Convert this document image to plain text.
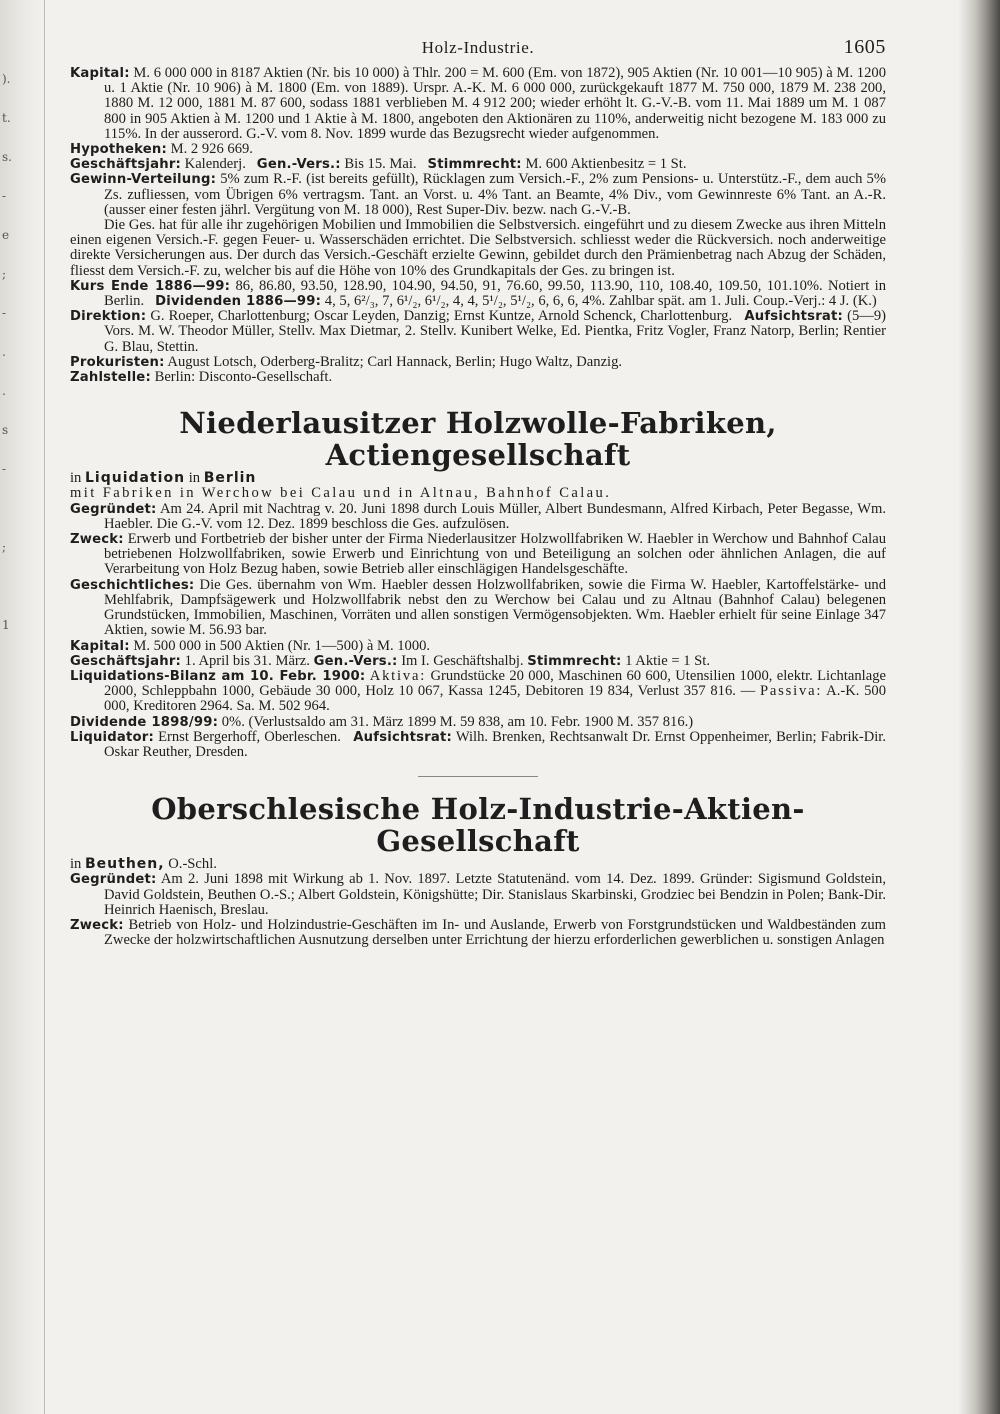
).
t.
s.
-
e
;
-
.
.
s
-

;

1

Holz-Industrie.	1605

Kapital: M. 6 000 000 in 8187 Aktien (Nr. bis 10 000) à Thlr. 200 = M. 600 (Em. von 1872), 905 Aktien (Nr. 10 001—10 905) à M. 1200 u. 1 Aktie (Nr. 10 906) à M. 1800 (Em. von 1889). Urspr. A.-K. M. 6 000 000, zurückgekauft 1877 M. 750 000, 1879 M. 238 200, 1880 M. 12 000, 1881 M. 87 600, sodass 1881 verblieben M. 4 912 200; wieder erhöht lt. G.-V.-B. vom 11. Mai 1889 um M. 1 087 800 in 905 Aktien à M. 1200 und 1 Aktie à M. 1800, angeboten den Aktionären zu 110%, anderweitig nicht bezogene M. 183 000 zu 115%. In der ausserord. G.-V. vom 8. Nov. 1899 wurde das Bezugsrecht wieder aufgenommen.

Hypotheken: M. 2 926 669.

Geschäftsjahr: Kalenderj. Gen.-Vers.: Bis 15. Mai. Stimmrecht: M. 600 Aktienbesitz = 1 St.

Gewinn-Verteilung: 5% zum R.-F. (ist bereits gefüllt), Rücklagen zum Versich.-F., 2% zum Pensions- u. Unterstütz.-F., dem auch 5% Zs. zufliessen, vom Übrigen 6% vertragsm. Tant. an Vorst. u. 4% Tant. an Beamte, 4% Div., vom Gewinnreste 6% Tant. an A.-R. (ausser einer festen jährl. Vergütung von M. 18 000), Rest Super-Div. bezw. nach G.-V.-B.

Die Ges. hat für alle ihr zugehörigen Mobilien und Immobilien die Selbstversich. eingeführt und zu diesem Zwecke aus ihren Mitteln einen eigenen Versich.-F. gegen Feuer- u. Wasserschäden errichtet. Die Selbstversich. schliesst weder die Rückversich. noch anderweitige direkte Versicherungen aus. Der durch das Versich.-Geschäft erzielte Gewinn, gebildet durch den Prämienbetrag nach Abzug der Schäden, fliesst dem Versich.-F. zu, welcher bis auf die Höhe von 10% des Grundkapitals der Ges. zu bringen ist.

Kurs Ende 1886—99: 86, 86.80, 93.50, 128.90, 104.90, 94.50, 91, 76.60, 99.50, 113.90, 110, 108.40, 109.50, 101.10%. Notiert in Berlin. Dividenden 1886—99: 4, 5, 6²/₃, 7, 6¹/₂, 6¹/₂, 4, 4, 5¹/₂, 5¹/₂, 6, 6, 6, 4%. Zahlbar spät. am 1. Juli. Coup.-Verj.: 4 J. (K.)

Direktion: G. Roeper, Charlottenburg; Oscar Leyden, Danzig; Ernst Kuntze, Arnold Schenck, Charlottenburg. Aufsichtsrat: (5—9) Vors. M. W. Theodor Müller, Stellv. Max Dietmar, 2. Stellv. Kunibert Welke, Ed. Pientka, Fritz Vogler, Franz Natorp, Berlin; Rentier G. Blau, Stettin.

Prokuristen: August Lotsch, Oderberg-Bralitz; Carl Hannack, Berlin; Hugo Waltz, Danzig.

Zahlstelle: Berlin: Disconto-Gesellschaft.

Niederlausitzer Holzwolle-Fabriken, Actiengesellschaft

in Liquidation in Berlin

mit Fabriken in Werchow bei Calau und in Altnau, Bahnhof Calau.

Gegründet: Am 24. April mit Nachtrag v. 20. Juni 1898 durch Louis Müller, Albert Bundesmann, Alfred Kirbach, Peter Begasse, Wm. Haebler. Die G.-V. vom 12. Dez. 1899 beschloss die Ges. aufzulösen.

Zweck: Erwerb und Fortbetrieb der bisher unter der Firma Niederlausitzer Holzwollfabriken W. Haebler in Werchow und Bahnhof Calau betriebenen Holzwollfabriken, sowie Erwerb und Einrichtung von und Beteiligung an solchen oder ähnlichen Anlagen, die auf Verarbeitung von Holz Bezug haben, sowie Betrieb aller einschlägigen Handelsgeschäfte.

Geschichtliches: Die Ges. übernahm von Wm. Haebler dessen Holzwollfabriken, sowie die Firma W. Haebler, Kartoffelstärke- und Mehlfabrik, Dampfsägewerk und Holzwollfabrik nebst den zu Werchow bei Calau und zu Altnau (Bahnhof Calau) belegenen Grundstücken, Immobilien, Maschinen, Vorräten und allen sonstigen Vermögensobjekten. Wm. Haebler erhielt für seine Einlage 347 Aktien, sowie M. 56.93 bar.

Kapital: M. 500 000 in 500 Aktien (Nr. 1—500) à M. 1000.

Geschäftsjahr: 1. April bis 31. März. Gen.-Vers.: Im I. Geschäftshalbj. Stimmrecht: 1 Aktie = 1 St.

Liquidations-Bilanz am 10. Febr. 1900: Aktiva: Grundstücke 20 000, Maschinen 60 600, Utensilien 1000, elektr. Lichtanlage 2000, Schleppbahn 1000, Gebäude 30 000, Holz 10 067, Kassa 1245, Debitoren 19 834, Verlust 357 816. — Passiva: A.-K. 500 000, Kreditoren 2964. Sa. M. 502 964.

Dividende 1898/99: 0%. (Verlustsaldo am 31. März 1899 M. 59 838, am 10. Febr. 1900 M. 357 816.)

Liquidator: Ernst Bergerhoff, Oberleschen. Aufsichtsrat: Wilh. Brenken, Rechtsanwalt Dr. Ernst Oppenheimer, Berlin; Fabrik-Dir. Oskar Reuther, Dresden.

Oberschlesische Holz-Industrie-Aktien-Gesellschaft

in Beuthen, O.-Schl.

Gegründet: Am 2. Juni 1898 mit Wirkung ab 1. Nov. 1897. Letzte Statutenänd. vom 14. Dez. 1899. Gründer: Sigismund Goldstein, David Goldstein, Beuthen O.-S.; Albert Goldstein, Königshütte; Dir. Stanislaus Skarbinski, Grodziec bei Bendzin in Polen; Bank-Dir. Heinrich Haenisch, Breslau.

Zweck: Betrieb von Holz- und Holzindustrie-Geschäften im In- und Auslande, Erwerb von Forstgrundstücken und Waldbeständen zum Zwecke der holzwirtschaftlichen Ausnutzung derselben unter Errichtung der hierzu erforderlichen gewerblichen u. sonstigen Anlagen
